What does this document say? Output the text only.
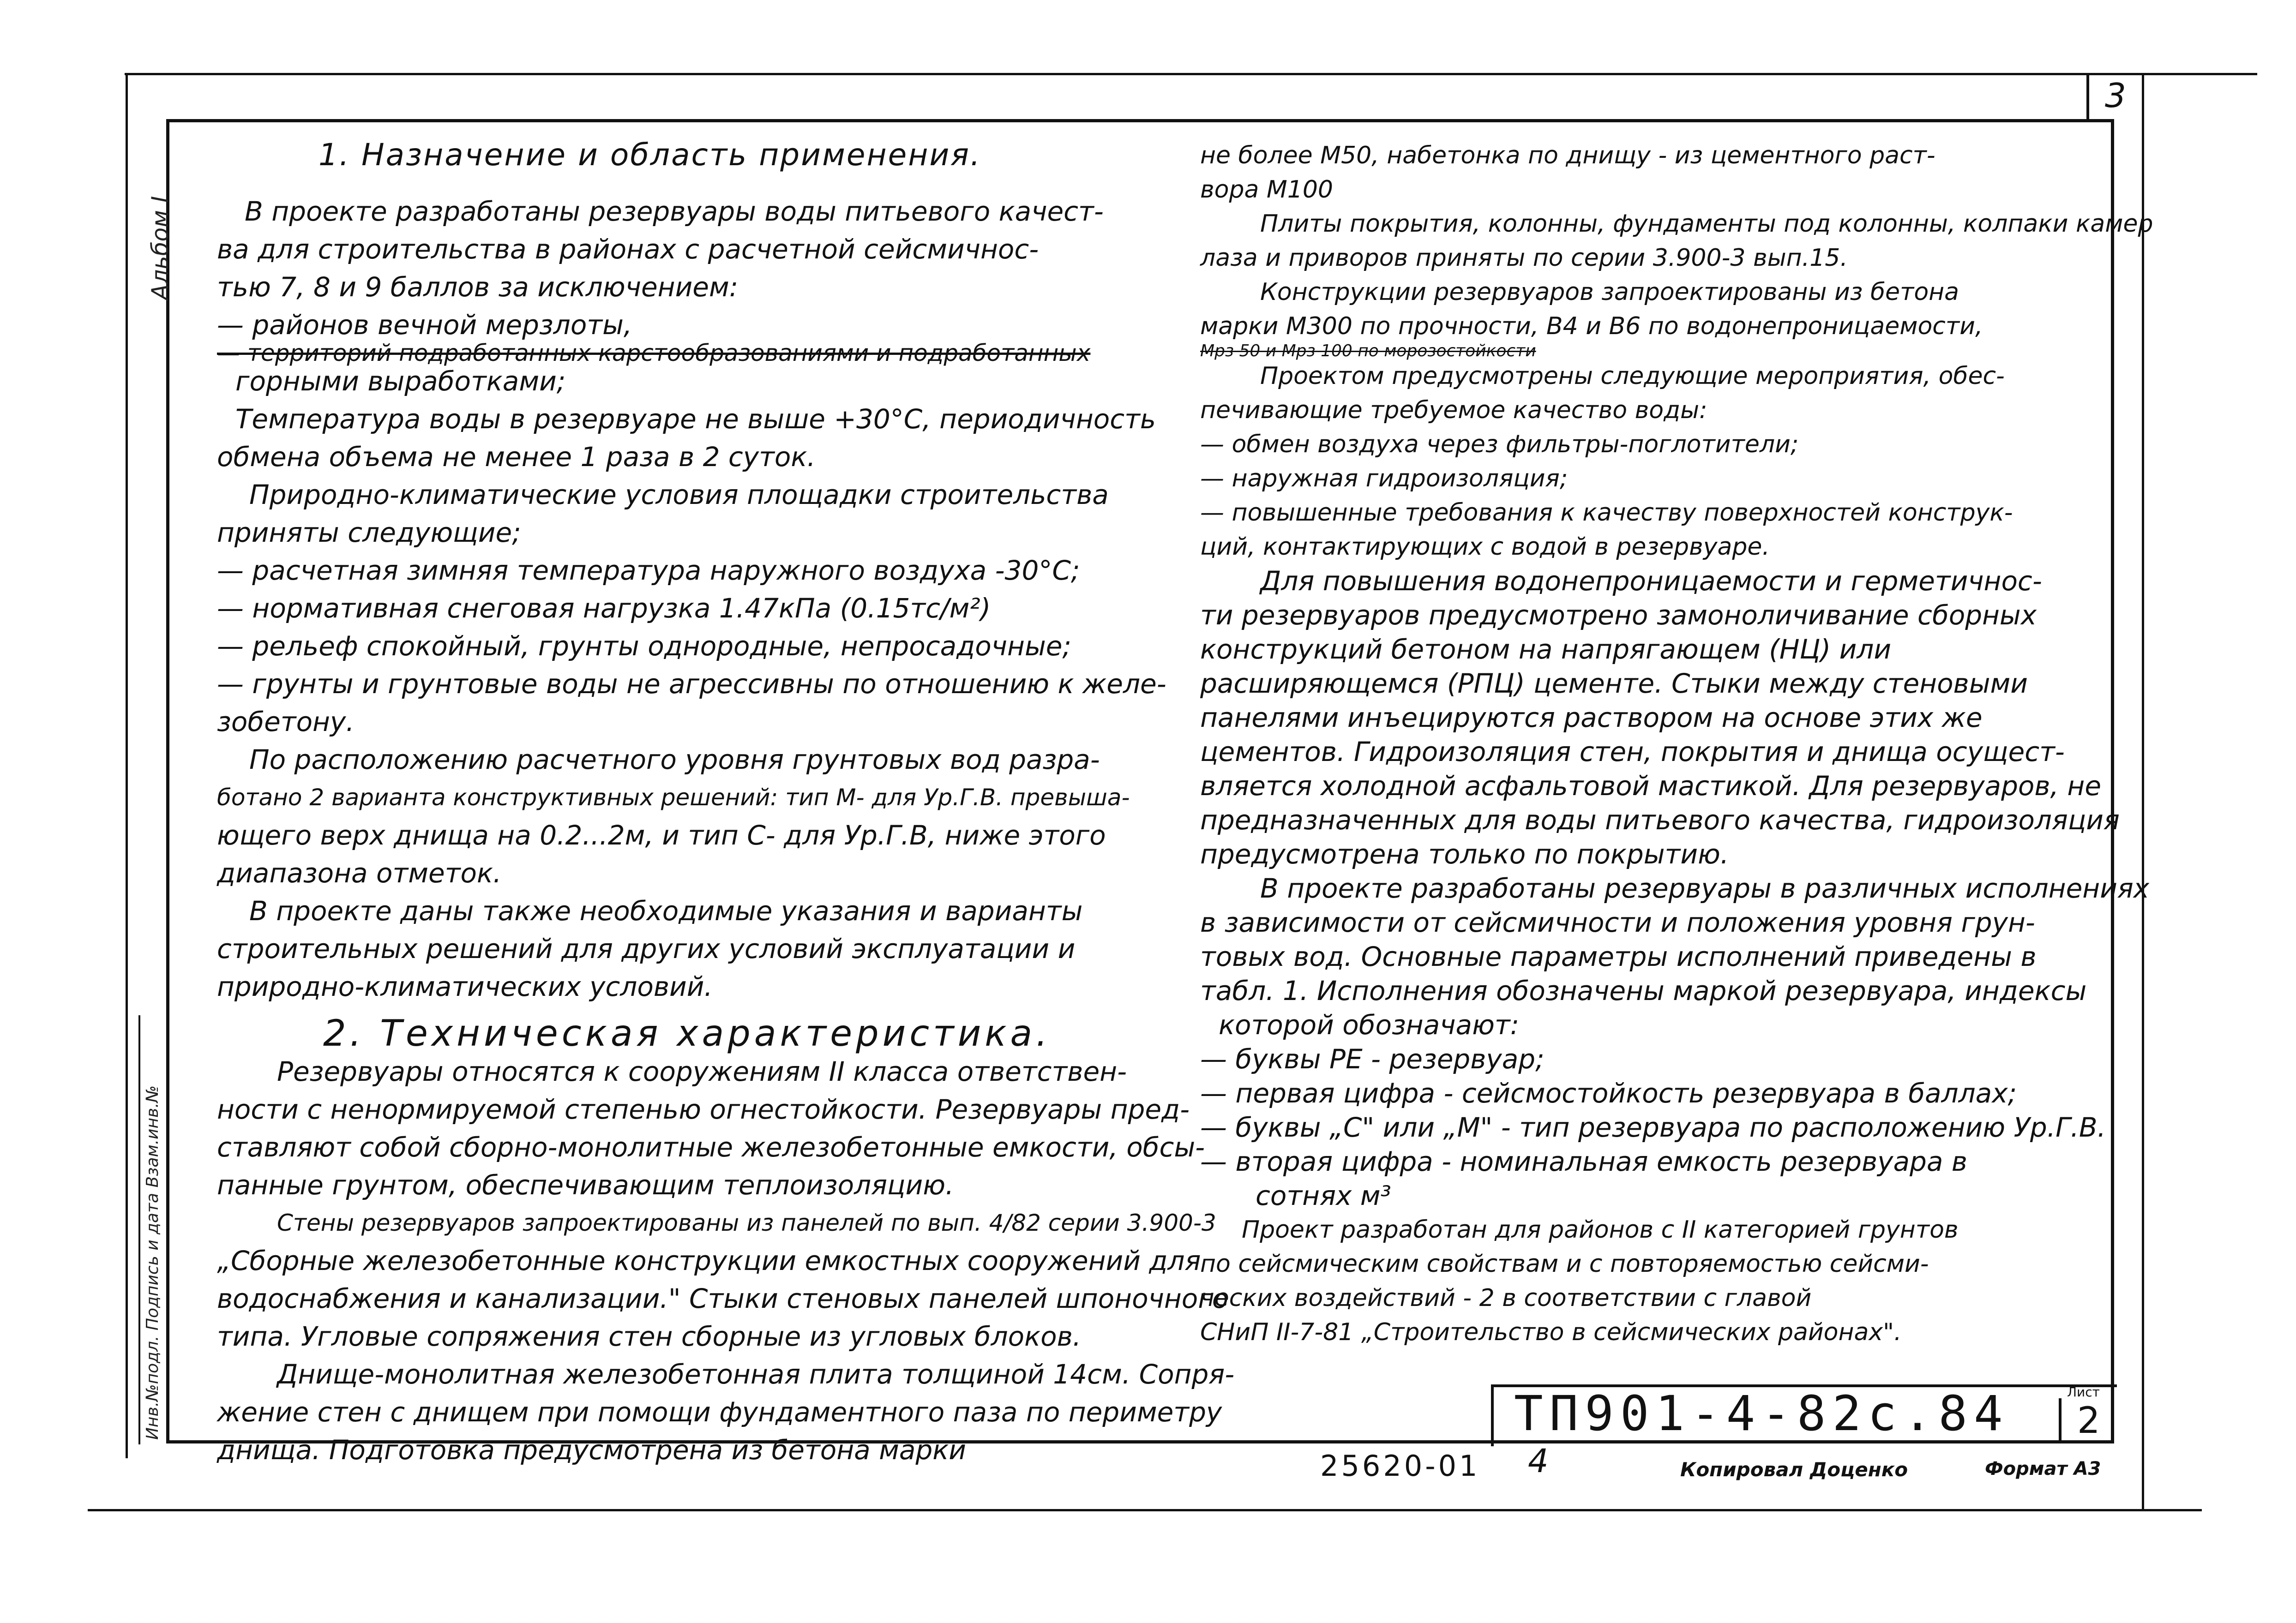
3
Инв.№подл. Подпись и дата Взам.инв.№
Альбом I

1. Назначение и область применения.

В проекте разработаны резервуары воды питьевого качест-

ва для строительства в районах с расчетной сейсмичнос-

тью 7, 8 и 9 баллов за исключением:

— районов вечной мерзлоты,

— территорий подработанных карстообразованиями и подработанных

горными выработками;

Температура воды в резервуаре не выше +30°С, периодичность

обмена объема не менее 1 раза в 2 суток.

Природно-климатические условия площадки строительства

приняты следующие;

— расчетная зимняя температура наружного воздуха -30°С;

— нормативная снеговая нагрузка 1.47кПа (0.15тс/м²)

— рельеф спокойный, грунты однородные, непросадочные;

— грунты и грунтовые воды не агрессивны по отношению к желе-

зобетону.

По расположению расчетного уровня грунтовых вод разра-

ботано 2 варианта конструктивных решений: тип М- для Ур.Г.В. превыша-

ющего верх днища на 0.2...2м, и тип С- для Ур.Г.В, ниже этого

диапазона отметок.

В проекте даны также необходимые указания и варианты

строительных решений для других условий эксплуатации и

природно-климатических условий.

2. Техническая характеристика.

Резервуары относятся к сооружениям II класса ответствен-

ности с ненормируемой степенью огнестойкости. Резервуары пред-

ставляют собой сборно-монолитные железобетонные емкости, обсы-

панные грунтом, обеспечивающим теплоизоляцию.

Стены резервуаров запроектированы из панелей по вып. 4/82 серии 3.900-3

„Сборные железобетонные конструкции емкостных сооружений для

водоснабжения и канализации." Стыки стеновых панелей шпоночного

типа. Угловые сопряжения стен сборные из угловых блоков.

Днище-монолитная железобетонная плита толщиной 14см. Сопря-

жение стен с днищем при помощи фундаментного паза по периметру

днища. Подготовка предусмотрена из бетона марки

не более М50, набетонка по днищу - из цементного раст-

вора М100

Плиты покрытия, колонны, фундаменты под колонны, колпаки камер

лаза и приворов приняты по серии 3.900-3 вып.15.

Конструкции резервуаров запроектированы из бетона

марки М300 по прочности, В4 и В6 по водонепроницаемости,

Мрз 50 и Мрз 100 по морозостойкости

Проектом предусмотрены следующие мероприятия, обес-

печивающие требуемое качество воды:

— обмен воздуха через фильтры-поглотители;

— наружная гидроизоляция;

— повышенные требования к качеству поверхностей конструк-

ций, контактирующих с водой в резервуаре.

Для повышения водонепроницаемости и герметичнос-

ти резервуаров предусмотрено замоноличивание сборных

конструкций бетоном на напрягающем (НЦ) или

расширяющемся (РПЦ) цементе. Стыки между стеновыми

панелями инъецируются раствором на основе этих же

цементов. Гидроизоляция стен, покрытия и днища осущест-

вляется холодной асфальтовой мастикой. Для резервуаров, не

предназначенных для воды питьевого качества, гидроизоляция

предусмотрена только по покрытию.

В проекте разработаны резервуары в различных исполнениях

в зависимости от сейсмичности и положения уровня грун-

товых вод. Основные параметры исполнений приведены в

табл. 1. Исполнения обозначены маркой резервуара, индексы

которой обозначают:

— буквы РЕ - резервуар;

— первая цифра - сейсмостойкость резервуара в баллах;

— буквы „С" или „М" - тип резервуара по расположению Ур.Г.В.

— вторая цифра - номинальная емкость резервуара в

сотнях м³

Проект разработан для районов с II категорией грунтов

по сейсмическим свойствам и с повторяемостью сейсми-

ческих воздействий - 2 в соответствии с главой

СНиП II-7-81 „Строительство в сейсмических районах".

ТП901-4-82с.84	Лист
2
25620-01 4	Копировал Доценко	Формат А3
